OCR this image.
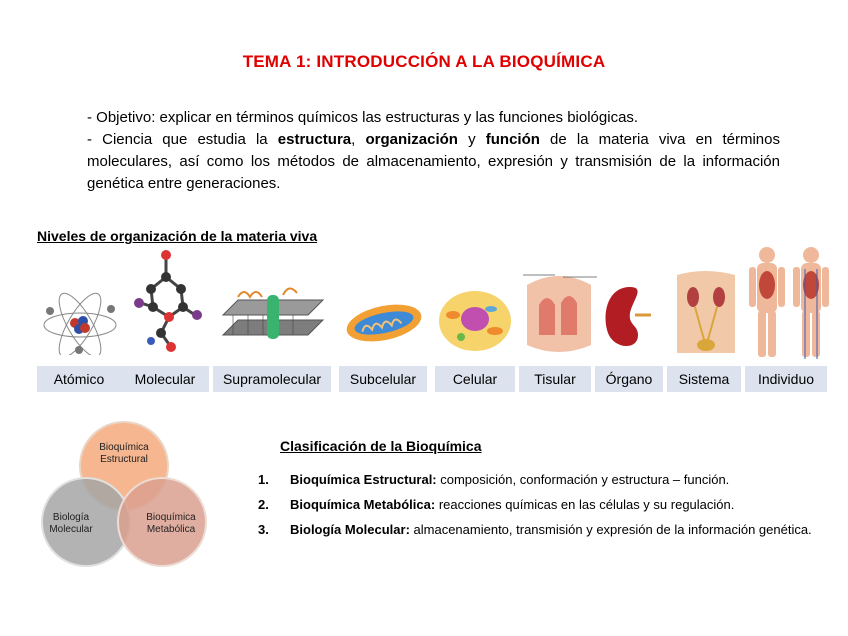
TEMA 1: INTRODUCCIÓN A LA BIOQUÍMICA

- Objetivo: explicar en términos químicos las estructuras y las funciones biológicas.

- Ciencia que estudia la estructura, organización y función de la materia viva en términos moleculares, así como los métodos de almacenamiento, expresión y transmisión de la información genética entre generaciones.

Niveles de organización de la materia viva
Atómico	Molecular	Supramolecular	Subcelular	Celular	Tisular	Órgano	Sistema	Individuo
Bioquímica
Estructural
Biología
Molecular
Bioquímica
Metabólica
Clasificación de la Bioquímica
1.	Bioquímica Estructural: composición, conformación y estructura – función.
2.	Bioquímica Metabólica: reacciones químicas en las células y su regulación.
3.	Biología Molecular: almacenamiento, transmisión y expresión de la información genética.
